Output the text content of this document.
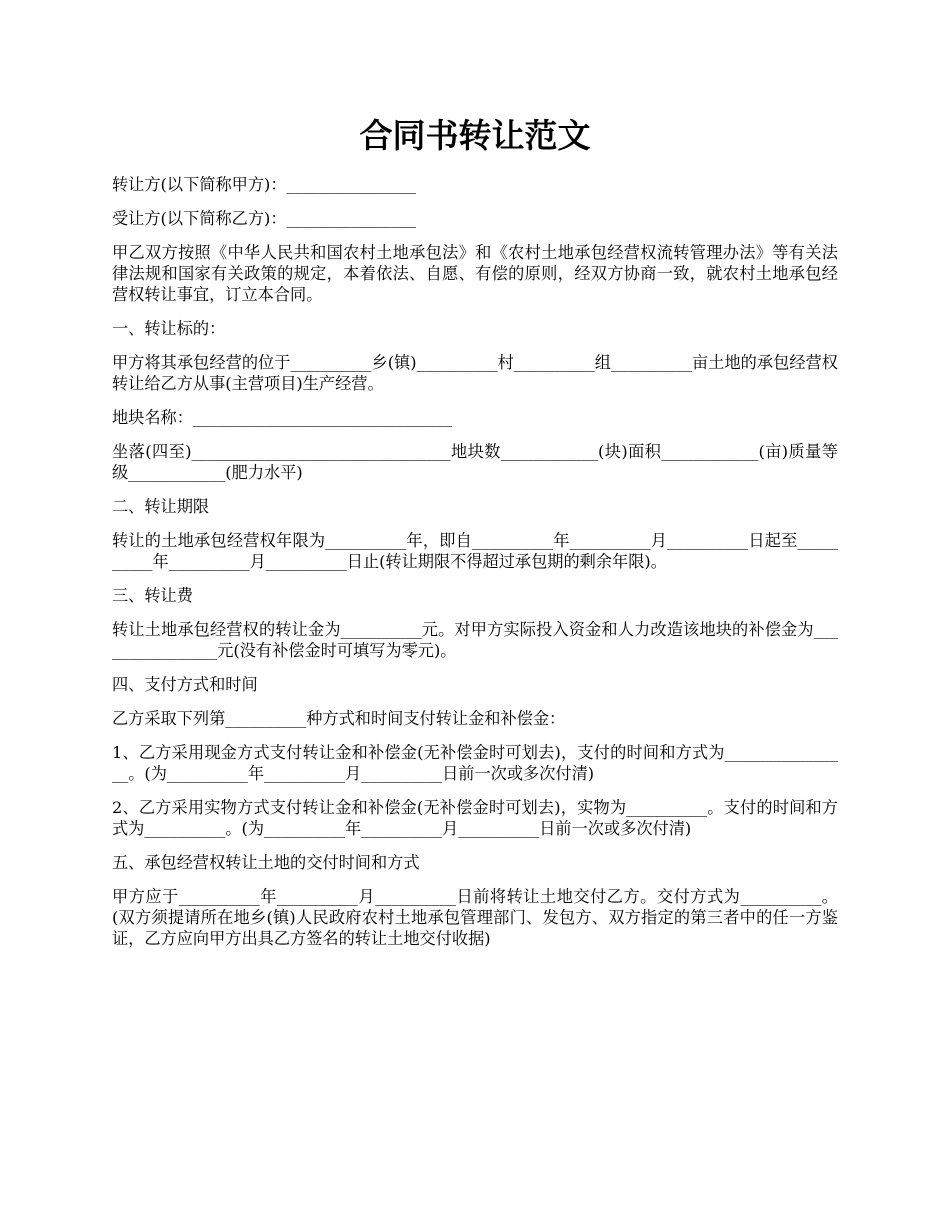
合同书转让范文

转让方(以下简称甲方)：________________

受让方(以下简称乙方)：________________

甲乙双方按照《中华人民共和国农村土地承包法》和《农村土地承包经营权流转管理办法》等有关法律法规和国家有关政策的规定，本着依法、自愿、有偿的原则，经双方协商一致，就农村土地承包经营权转让事宜，订立本合同。

一、转让标的：

甲方将其承包经营的位于__________乡(镇)__________村__________组__________亩土地的承包经营权转让给乙方从事(主营项目)生产经营。

地块名称：________________________________

坐落(四至)________________________________地块数____________(块)面积____________(亩)质量等级____________(肥力水平)

二、转让期限

转让的土地承包经营权年限为__________年，即自__________年__________月__________日起至__________年__________月__________日止(转让期限不得超过承包期的剩余年限)。

三、转让费

转让土地承包经营权的转让金为__________元。对甲方实际投入资金和人力改造该地块的补偿金为________________元(没有补偿金时可填写为零元)。

四、支付方式和时间

乙方采取下列第__________种方式和时间支付转让金和补偿金：

1、乙方采用现金方式支付转让金和补偿金(无补偿金时可划去)，支付的时间和方式为________________。(为__________年__________月__________日前一次或多次付清)

2、乙方采用实物方式支付转让金和补偿金(无补偿金时可划去)，实物为__________。支付的时间和方式为__________。(为__________年__________月__________日前一次或多次付清)

五、承包经营权转让土地的交付时间和方式

甲方应于__________年__________月__________日前将转让土地交付乙方。交付方式为__________。(双方须提请所在地乡(镇)人民政府农村土地承包管理部门、发包方、双方指定的第三者中的任一方鉴证，乙方应向甲方出具乙方签名的转让土地交付收据)
